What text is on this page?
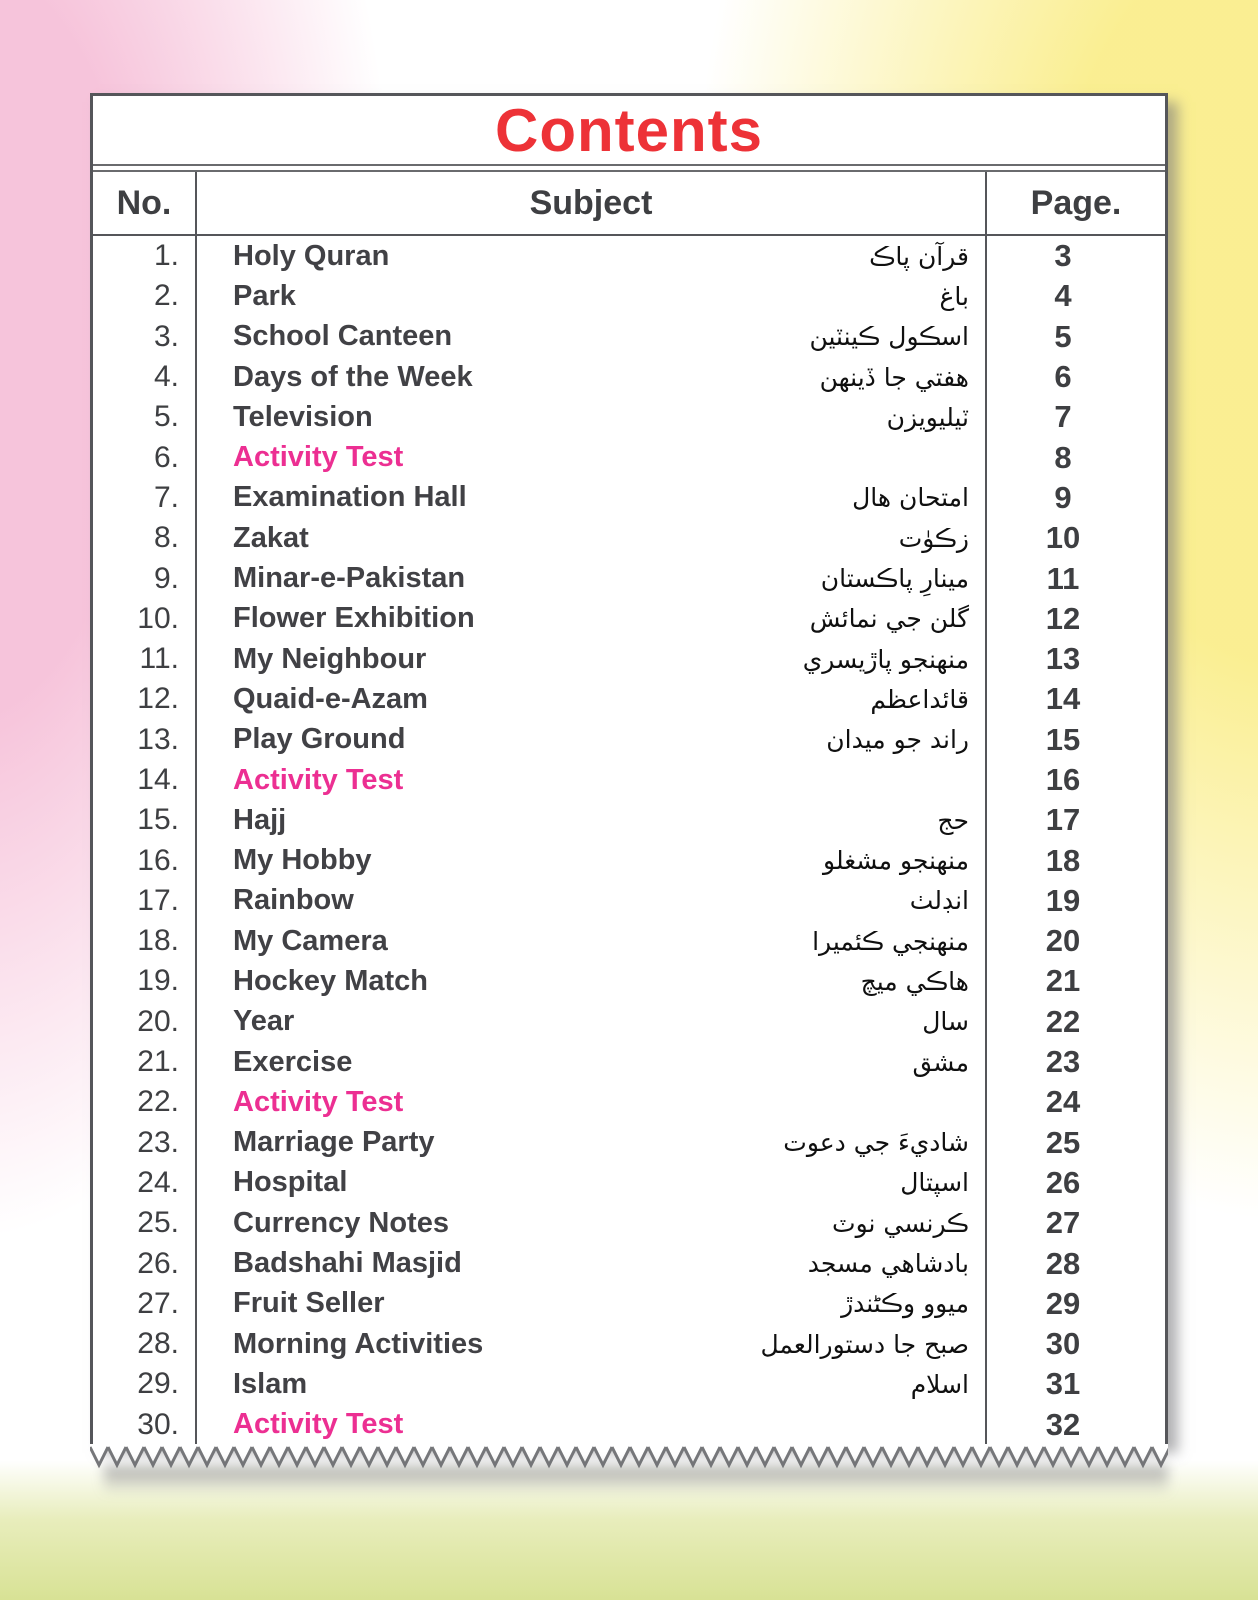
Contents
No.	Subject	Page.
1.	Holy Quran	قرآن پاڪ	3
2.	Park	باغ	4
3.	School Canteen	اسڪول ڪينٽين	5
4.	Days of the Week	هفتي جا ڏينهن	6
5.	Television	ٽيليويزن	7
6.	Activity Test	8
7.	Examination Hall	امتحان هال	9
8.	Zakat	زڪوٰت	10
9.	Minar-e-Pakistan	مينارِ پاڪستان	11
10.	Flower Exhibition	گلن جي نمائش	12
11.	My Neighbour	منهنجو پاڙيسري	13
12.	Quaid-e-Azam	قائداعظم	14
13.	Play Ground	راند جو ميدان	15
14.	Activity Test	16
15.	Hajj	حج	17
16.	My Hobby	منهنجو مشغلو	18
17.	Rainbow	انڊلٺ	19
18.	My Camera	منهنجي ڪئميرا	20
19.	Hockey Match	هاڪي ميچ	21
20.	Year	سال	22
21.	Exercise	مشق	23
22.	Activity Test	24
23.	Marriage Party	شاديءَ جي دعوت	25
24.	Hospital	اسپتال	26
25.	Currency Notes	ڪرنسي نوٽ	27
26.	Badshahi Masjid	بادشاهي مسجد	28
27.	Fruit Seller	ميوو وڪڻندڙ	29
28.	Morning Activities	صبح جا دستورالعمل	30
29.	Islam	اسلام	31
30.	Activity Test	32
